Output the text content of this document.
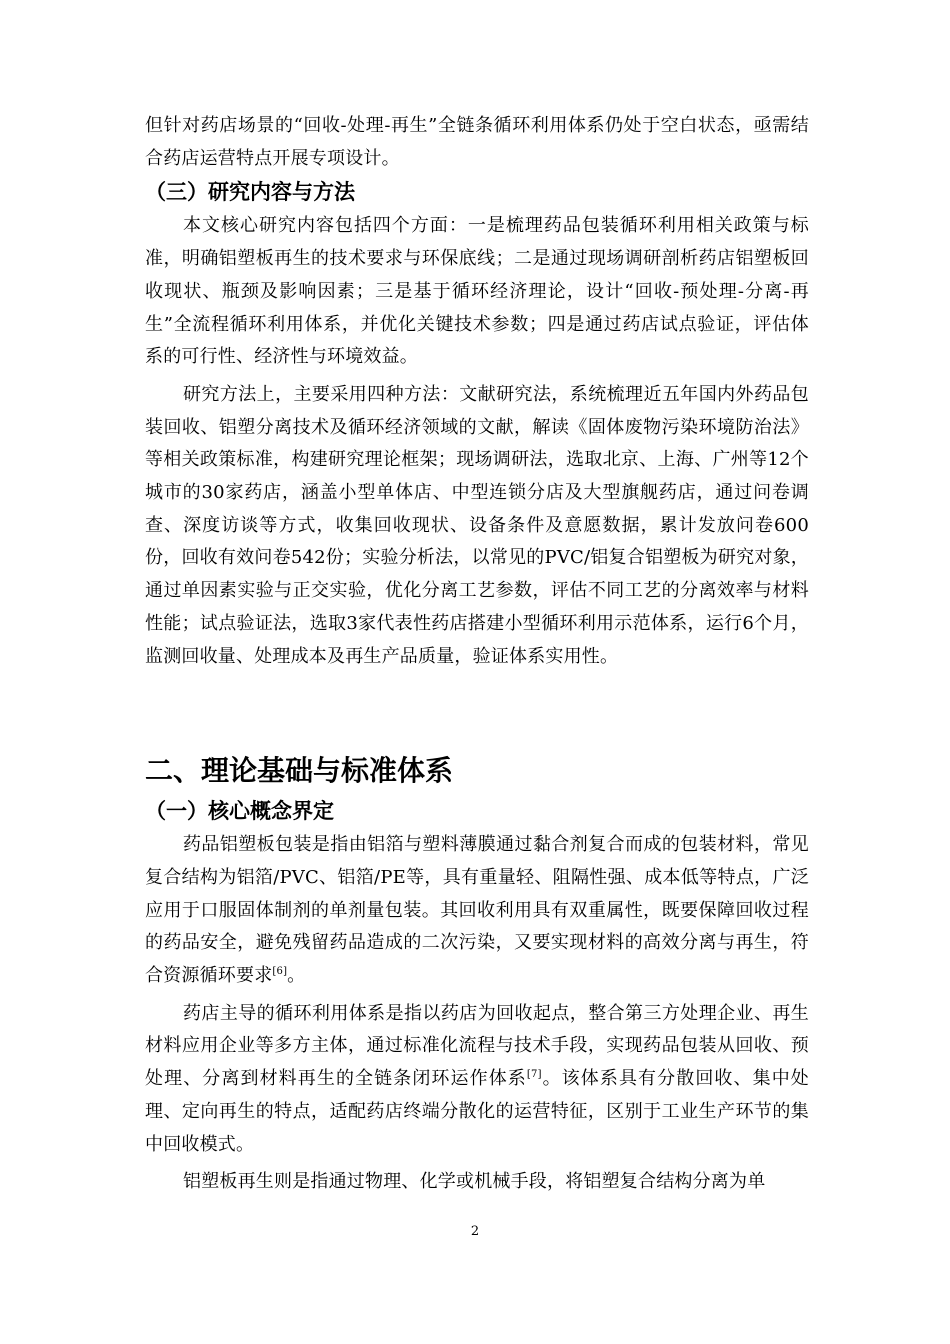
但针对药店场景的“回收-处理-再生”全链条循环利用体系仍处于空白状态，亟需结合药店运营特点开展专项设计。

（三）研究内容与方法

本文核心研究内容包括四个方面：一是梳理药品包装循环利用相关政策与标准，明确铝塑板再生的技术要求与环保底线；二是通过现场调研剖析药店铝塑板回收现状、瓶颈及影响因素；三是基于循环经济理论，设计“回收-预处理-分离-再生”全流程循环利用体系，并优化关键技术参数；四是通过药店试点验证，评估体系的可行性、经济性与环境效益。

研究方法上，主要采用四种方法：文献研究法，系统梳理近五年国内外药品包装回收、铝塑分离技术及循环经济领域的文献，解读《固体废物污染环境防治法》等相关政策标准，构建研究理论框架；现场调研法，选取北京、上海、广州等12个城市的30家药店，涵盖小型单体店、中型连锁分店及大型旗舰药店，通过问卷调查、深度访谈等方式，收集回收现状、设备条件及意愿数据，累计发放问卷600份，回收有效问卷542份；实验分析法，以常见的PVC/铝复合铝塑板为研究对象，通过单因素实验与正交实验，优化分离工艺参数，评估不同工艺的分离效率与材料性能；试点验证法，选取3家代表性药店搭建小型循环利用示范体系，运行6个月，监测回收量、处理成本及再生产品质量，验证体系实用性。

二、理论基础与标准体系
（一）核心概念界定

药品铝塑板包装是指由铝箔与塑料薄膜通过黏合剂复合而成的包装材料，常见复合结构为铝箔/PVC、铝箔/PE等，具有重量轻、阻隔性强、成本低等特点，广泛应用于口服固体制剂的单剂量包装。其回收利用具有双重属性，既要保障回收过程的药品安全，避免残留药品造成的二次污染，又要实现材料的高效分离与再生，符合资源循环要求[6]。

药店主导的循环利用体系是指以药店为回收起点，整合第三方处理企业、再生材料应用企业等多方主体，通过标准化流程与技术手段，实现药品包装从回收、预处理、分离到材料再生的全链条闭环运作体系[7]。该体系具有分散回收、集中处理、定向再生的特点，适配药店终端分散化的运营特征，区别于工业生产环节的集中回收模式。

铝塑板再生则是指通过物理、化学或机械手段，将铝塑复合结构分离为单

2
